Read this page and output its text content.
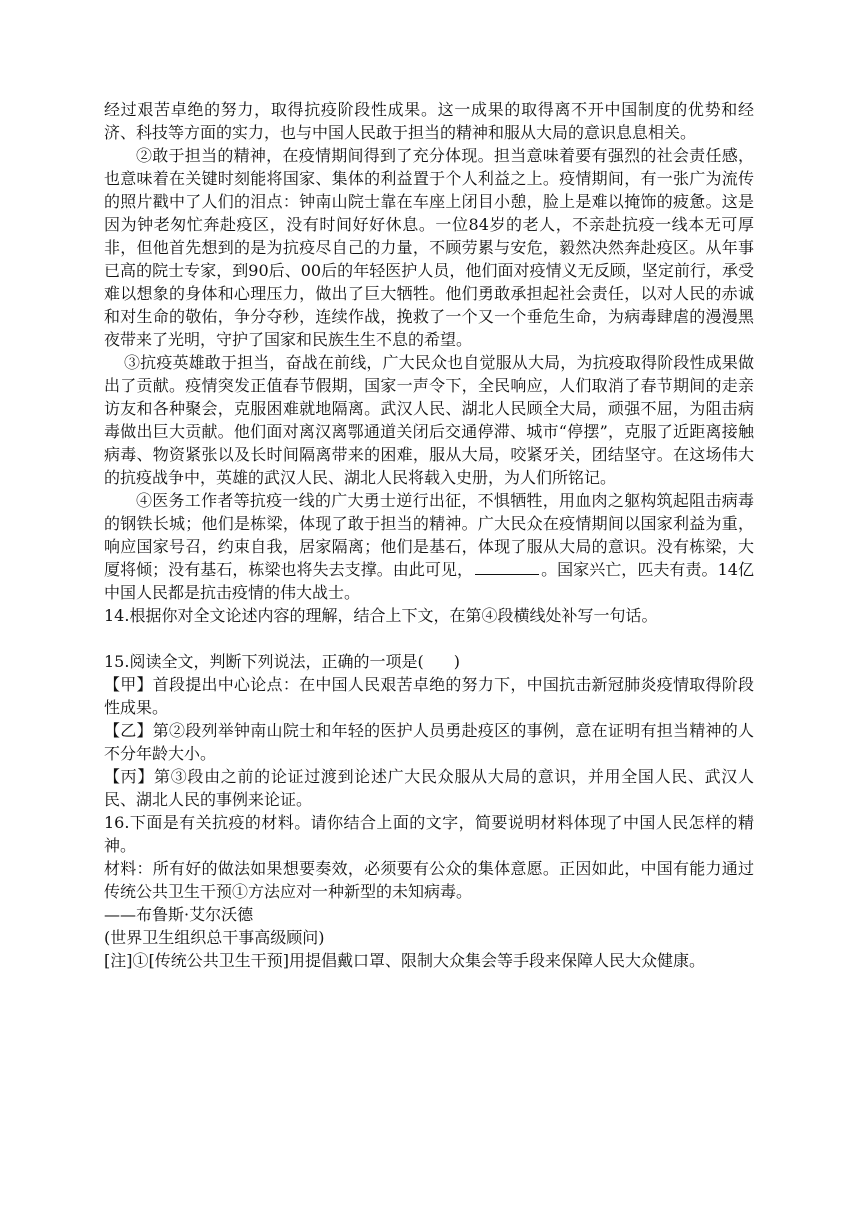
经过艰苦卓绝的努力，取得抗疫阶段性成果。这一成果的取得离不开中国制度的优势和经济、科技等方面的实力，也与中国人民敢于担当的精神和服从大局的意识息息相关。

②敢于担当的精神，在疫情期间得到了充分体现。担当意味着要有强烈的社会责任感，也意味着在关键时刻能将国家、集体的利益置于个人利益之上。疫情期间，有一张广为流传的照片戳中了人们的泪点：钟南山院士靠在车座上闭目小憩，脸上是难以掩饰的疲惫。这是因为钟老匆忙奔赴疫区，没有时间好好休息。一位84岁的老人，不亲赴抗疫一线本无可厚非，但他首先想到的是为抗疫尽自己的力量，不顾劳累与安危，毅然决然奔赴疫区。从年事已高的院士专家，到90后、00后的年轻医护人员，他们面对疫情义无反顾，坚定前行，承受难以想象的身体和心理压力，做出了巨大牺牲。他们勇敢承担起社会责任，以对人民的赤诚和对生命的敬佑，争分夺秒，连续作战，挽救了一个又一个垂危生命，为病毒肆虐的漫漫黑夜带来了光明，守护了国家和民族生生不息的希望。

③抗疫英雄敢于担当，奋战在前线，广大民众也自觉服从大局，为抗疫取得阶段性成果做出了贡献。疫情突发正值春节假期，国家一声令下，全民响应，人们取消了春节期间的走亲访友和各种聚会，克服困难就地隔离。武汉人民、湖北人民顾全大局，顽强不屈，为阻击病毒做出巨大贡献。他们面对离汉离鄂通道关闭后交通停滞、城市“停摆”，克服了近距离接触病毒、物资紧张以及长时间隔离带来的困难，服从大局，咬紧牙关，团结坚守。在这场伟大的抗疫战争中，英雄的武汉人民、湖北人民将载入史册，为人们所铭记。

④医务工作者等抗疫一线的广大勇士逆行出征，不惧牺牲，用血肉之躯构筑起阻击病毒的钢铁长城；他们是栋梁，体现了敢于担当的精神。广大民众在疫情期间以国家利益为重，响应国家号召，约束自我，居家隔离；他们是基石，体现了服从大局的意识。没有栋梁，大厦将倾；没有基石，栋梁也将失去支撑。由此可见，	。国家兴亡，匹夫有责。14亿中国人民都是抗击疫情的伟大战士。

14.根据你对全文论述内容的理解，结合上下文，在第④段横线处补写一句话。

15.阅读全文，判断下列说法，正确的一项是( )

【甲】首段提出中心论点：在中国人民艰苦卓绝的努力下，中国抗击新冠肺炎疫情取得阶段性成果。

【乙】第②段列举钟南山院士和年轻的医护人员勇赴疫区的事例，意在证明有担当精神的人不分年龄大小。

【丙】第③段由之前的论证过渡到论述广大民众服从大局的意识，并用全国人民、武汉人民、湖北人民的事例来论证。

16.下面是有关抗疫的材料。请你结合上面的文字，简要说明材料体现了中国人民怎样的精神。

材料：所有好的做法如果想要奏效，必须要有公众的集体意愿。正因如此，中国有能力通过传统公共卫生干预①方法应对一种新型的未知病毒。

——布鲁斯·艾尔沃德

(世界卫生组织总干事高级顾问)

[注]①[传统公共卫生干预]用提倡戴口罩、限制大众集会等手段来保障人民大众健康。
